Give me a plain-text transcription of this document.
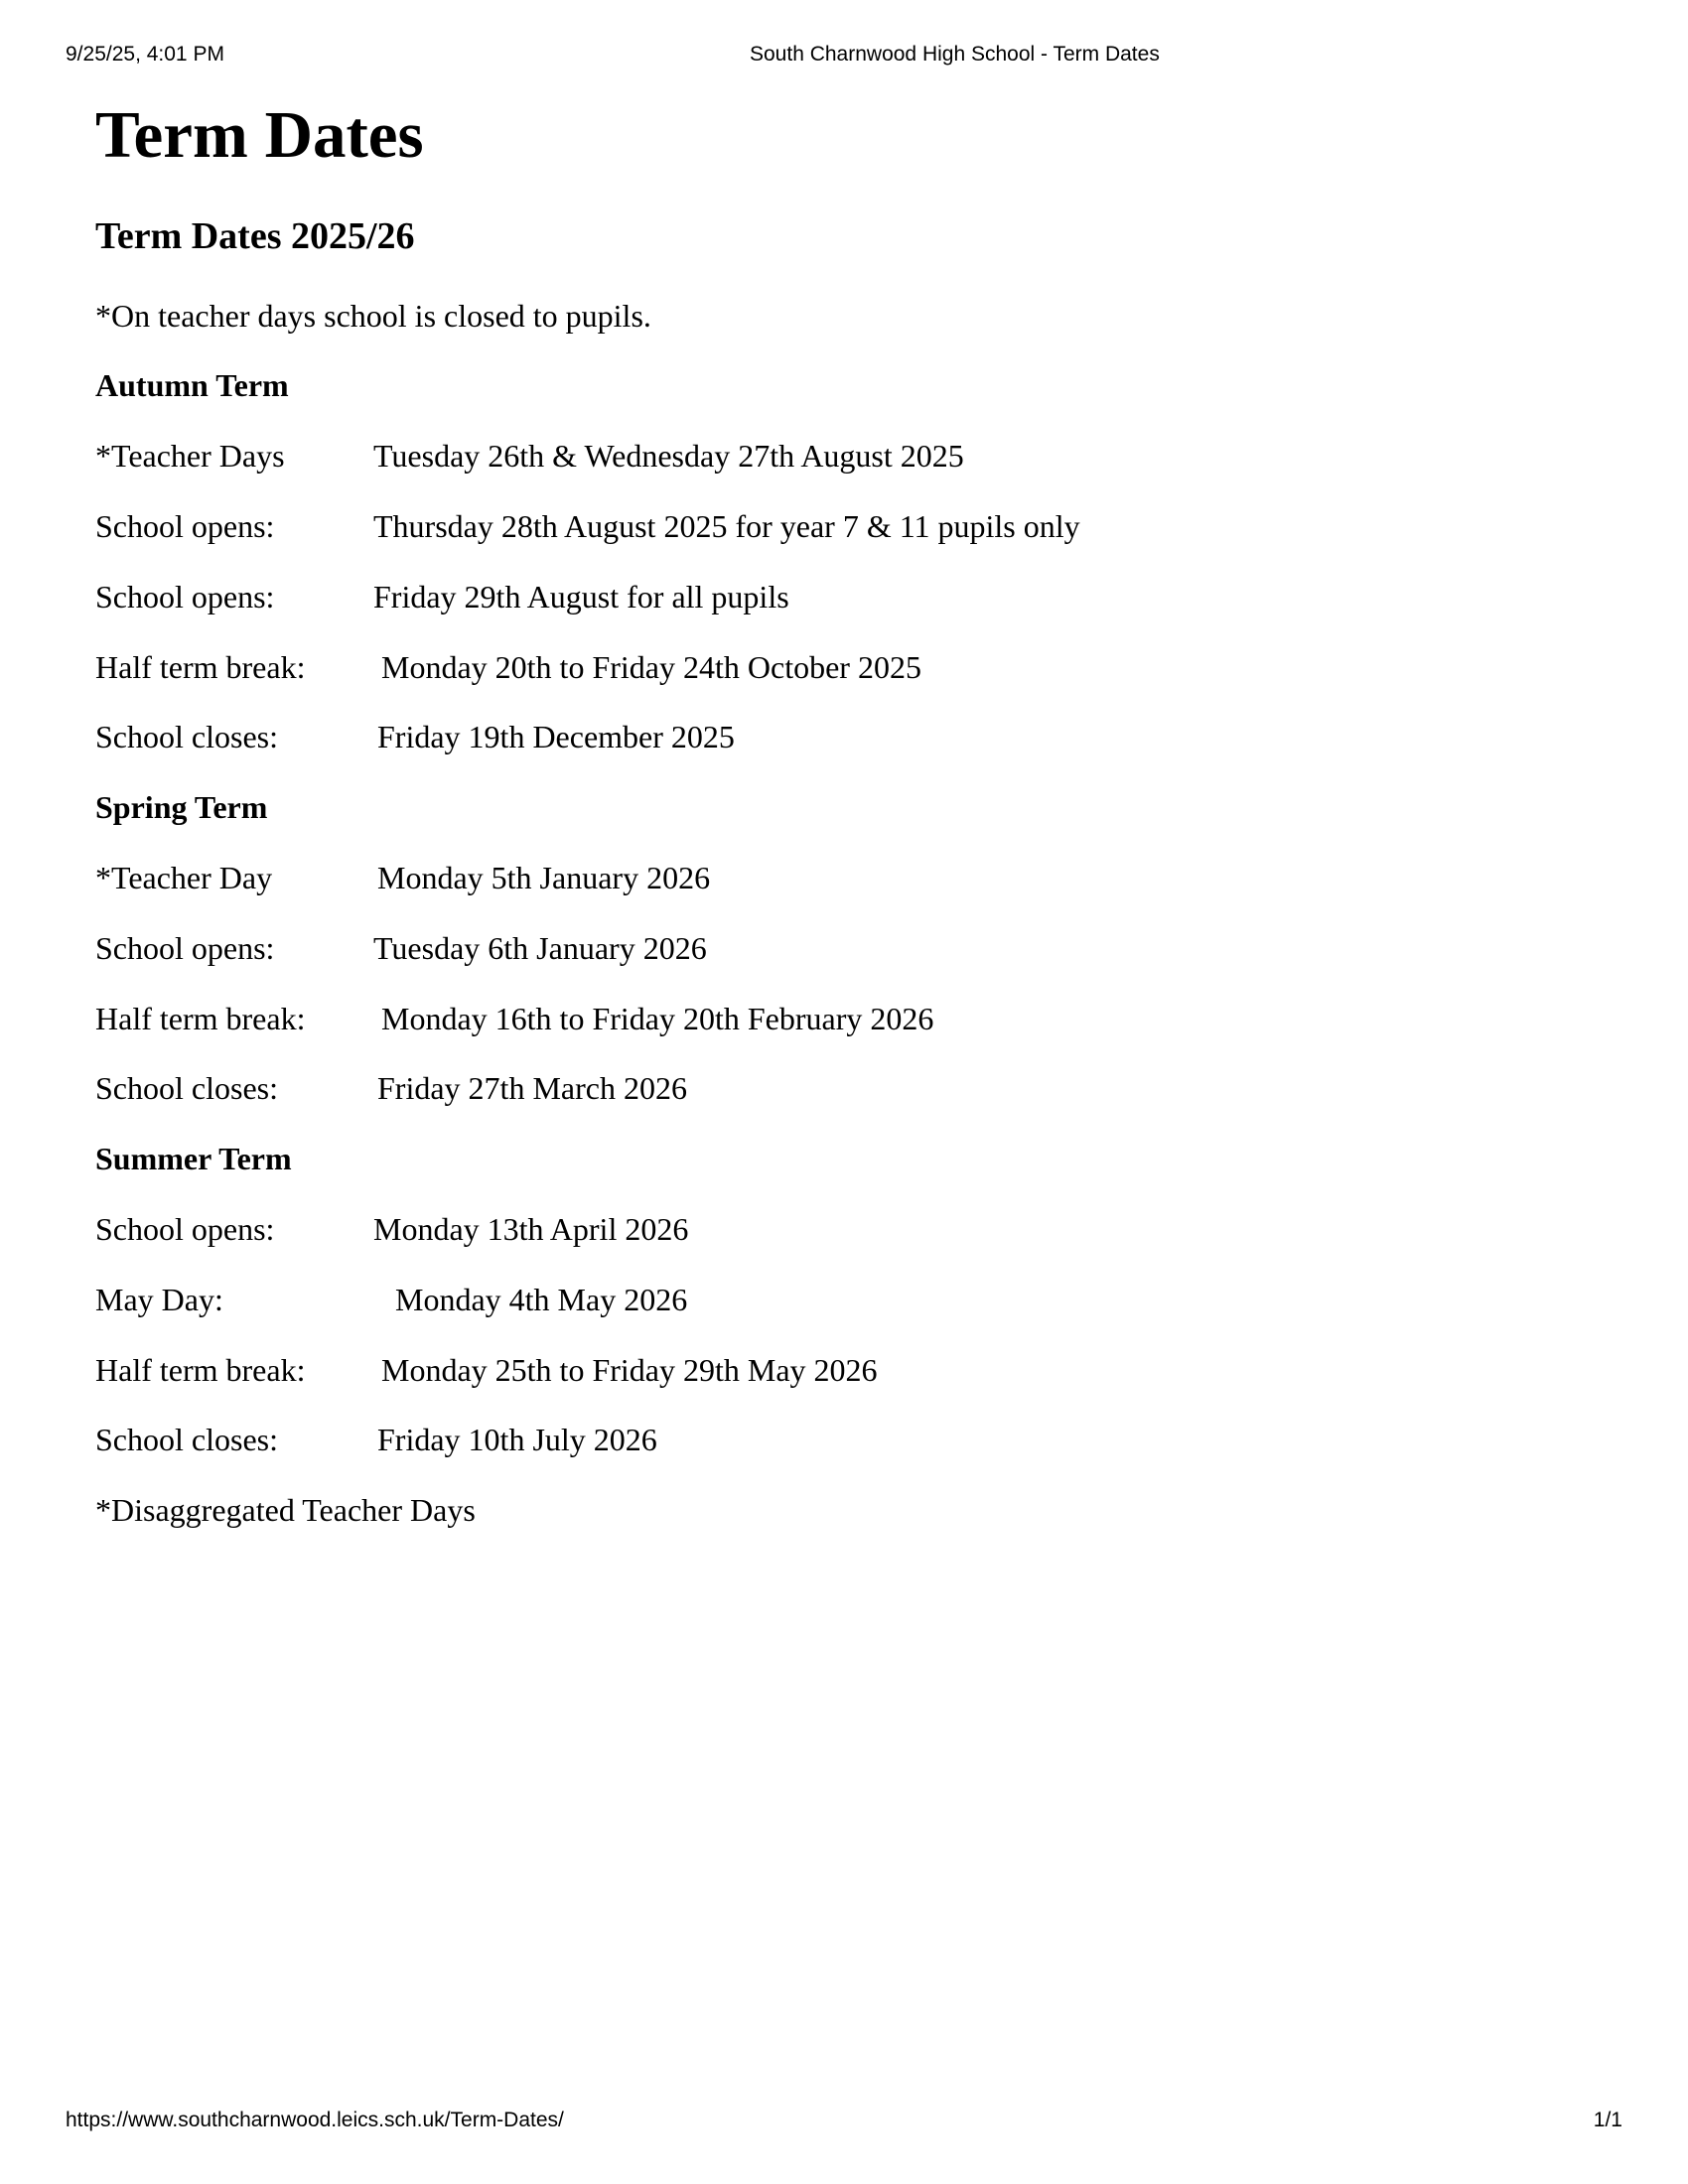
9/25/25, 4:01 PM	South Charnwood High School - Term Dates
Term Dates
Term Dates 2025/26
*On teacher days school is closed to pupils.
Autumn Term
*Teacher Days	Tuesday 26th & Wednesday 27th August 2025
School opens:	Thursday 28th August 2025 for year 7 & 11 pupils only
School opens:	Friday 29th August for all pupils
Half term break: Monday 20th to Friday 24th October 2025
School closes:	Friday 19th December 2025
Spring Term
*Teacher Day	Monday 5th January 2026
School opens:	Tuesday 6th January 2026
Half term break: Monday 16th to Friday 20th February 2026
School closes:	Friday 27th March 2026
Summer Term
School opens:	Monday 13th April 2026
May Day:	Monday 4th May 2026
Half term break: Monday 25th to Friday 29th May 2026
School closes:	Friday 10th July 2026
*Disaggregated Teacher Days
https://www.southcharnwood.leics.sch.uk/Term-Dates/	1/1
